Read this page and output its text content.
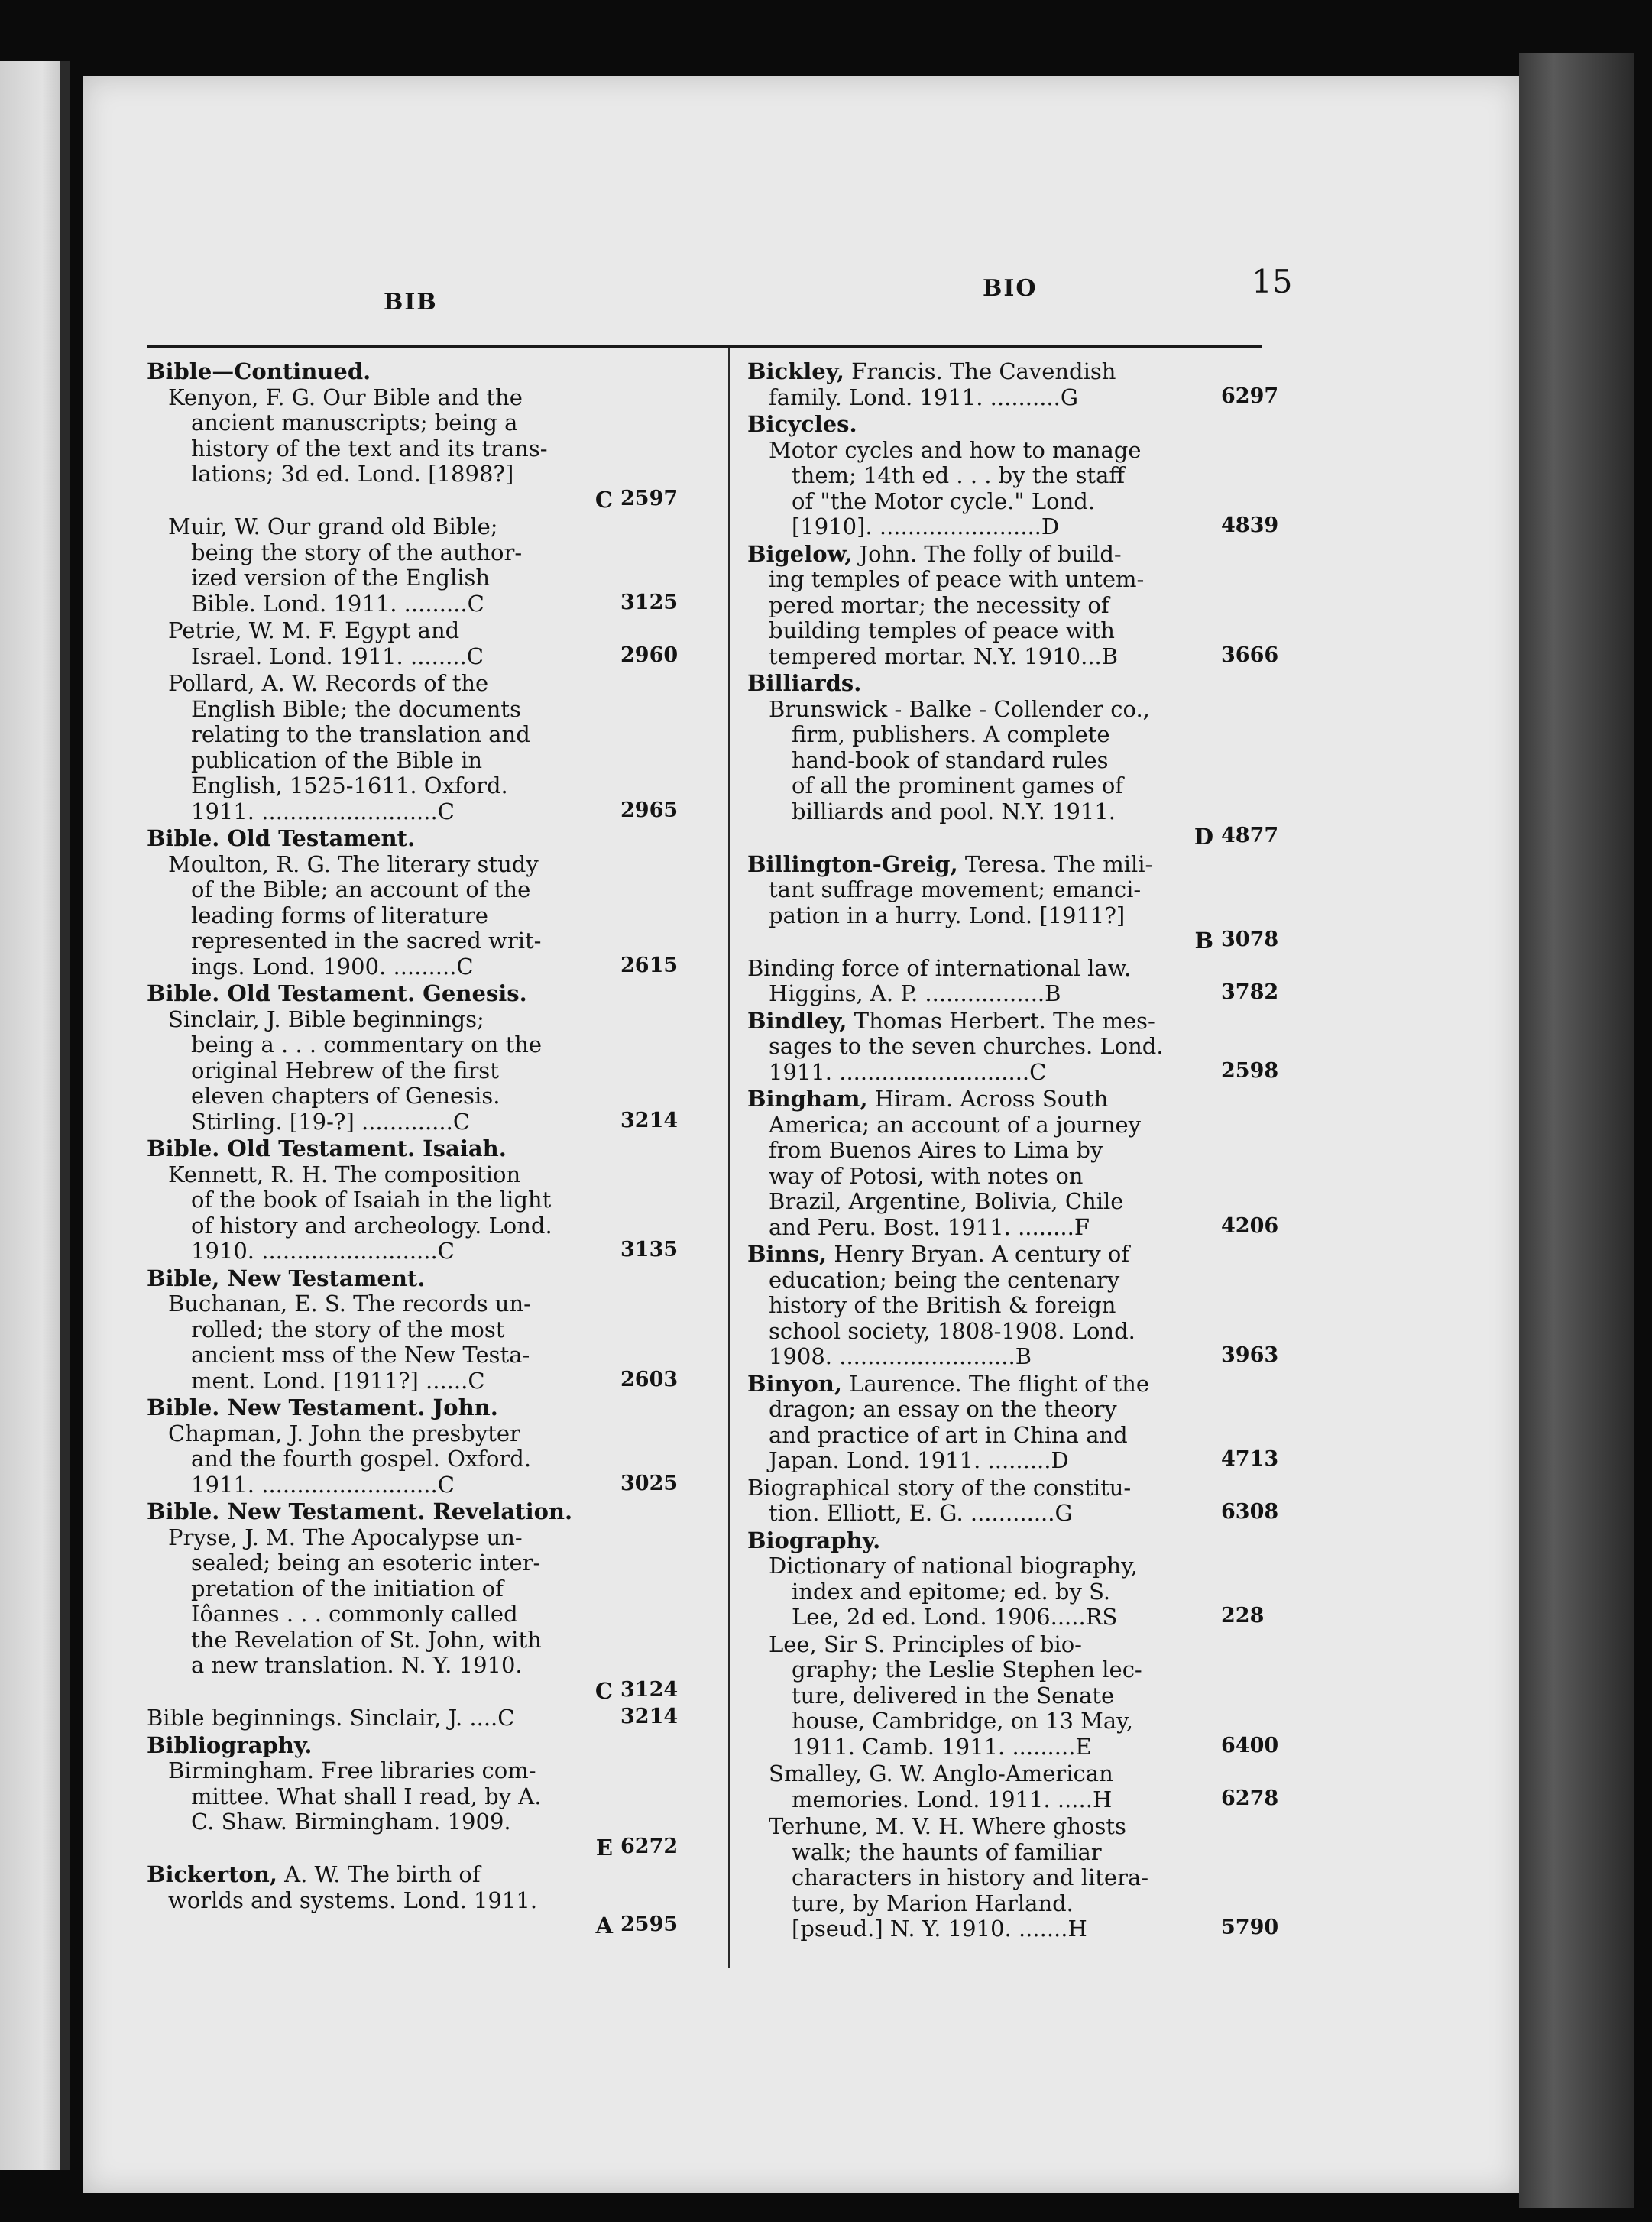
BIB
BIO	15
Bible—Continued.
Kenyon, F. G. Our Bible and the
ancient manuscripts; being a
history of the text and its trans-
lations; 3d ed. Lond. [1898?]
C 2597
Muir, W. Our grand old Bible;
being the story of the author-
ized version of the English
Bible. Lond. 1911. .........C	3125
Petrie, W. M. F. Egypt and
Israel. Lond. 1911. ........C	2960
Pollard, A. W. Records of the
English Bible; the documents
relating to the translation and
publication of the Bible in
English, 1525-1611. Oxford.
1911. .........................C	2965
Bible. Old Testament.
Moulton, R. G. The literary study
of the Bible; an account of the
leading forms of literature
represented in the sacred writ-
ings. Lond. 1900. .........C	2615
Bible. Old Testament. Genesis.
Sinclair, J. Bible beginnings;
being a . . . commentary on the
original Hebrew of the first
eleven chapters of Genesis.
Stirling. [19-?] .............C	3214
Bible. Old Testament. Isaiah.
Kennett, R. H. The composition
of the book of Isaiah in the light
of history and archeology. Lond.
1910. .........................C	3135
Bible, New Testament.
Buchanan, E. S. The records un-
rolled; the story of the most
ancient mss of the New Testa-
ment. Lond. [1911?] ......C	2603
Bible. New Testament. John.
Chapman, J. John the presbyter
and the fourth gospel. Oxford.
1911. .........................C	3025
Bible. New Testament. Revelation.
Pryse, J. M. The Apocalypse un-
sealed; being an esoteric inter-
pretation of the initiation of
Iôannes . . . commonly called
the Revelation of St. John, with
a new translation. N. Y. 1910.
C 3124
Bible beginnings. Sinclair, J. ....C	3214
Bibliography.
Birmingham. Free libraries com-
mittee. What shall I read, by A.
C. Shaw. Birmingham. 1909.
E 6272
Bickerton, A. W. The birth of
worlds and systems. Lond. 1911.
A 2595
Bickley, Francis. The Cavendish
family. Lond. 1911. ..........G	6297
Bicycles.
Motor cycles and how to manage
them; 14th ed . . . by the staff
of "the Motor cycle." Lond.
[1910]. .......................D	4839
Bigelow, John. The folly of build-
ing temples of peace with untem-
pered mortar; the necessity of
building temples of peace with
tempered mortar. N.Y. 1910...B	3666
Billiards.
Brunswick - Balke - Collender co.,
firm, publishers. A complete
hand-book of standard rules
of all the prominent games of
billiards and pool. N.Y. 1911.
D 4877
Billington-Greig, Teresa. The mili-
tant suffrage movement; emanci-
pation in a hurry. Lond. [1911?]
B 3078
Binding force of international law.
Higgins, A. P. .................B	3782
Bindley, Thomas Herbert. The mes-
sages to the seven churches. Lond.
1911. ...........................C	2598
Bingham, Hiram. Across South
America; an account of a journey
from Buenos Aires to Lima by
way of Potosi, with notes on
Brazil, Argentine, Bolivia, Chile
and Peru. Bost. 1911. ........F	4206
Binns, Henry Bryan. A century of
education; being the centenary
history of the British & foreign
school society, 1808-1908. Lond.
1908. .........................B	3963
Binyon, Laurence. The flight of the
dragon; an essay on the theory
and practice of art in China and
Japan. Lond. 1911. .........D	4713
Biographical story of the constitu-
tion. Elliott, E. G. ............G	6308
Biography.
Dictionary of national biography,
index and epitome; ed. by S.
Lee, 2d ed. Lond. 1906.....RS	228
Lee, Sir S. Principles of bio-
graphy; the Leslie Stephen lec-
ture, delivered in the Senate
house, Cambridge, on 13 May,
1911. Camb. 1911. .........E	6400
Smalley, G. W. Anglo-American
memories. Lond. 1911. .....H	6278
Terhune, M. V. H. Where ghosts
walk; the haunts of familiar
characters in history and litera-
ture, by Marion Harland.
[pseud.] N. Y. 1910. .......H	5790
